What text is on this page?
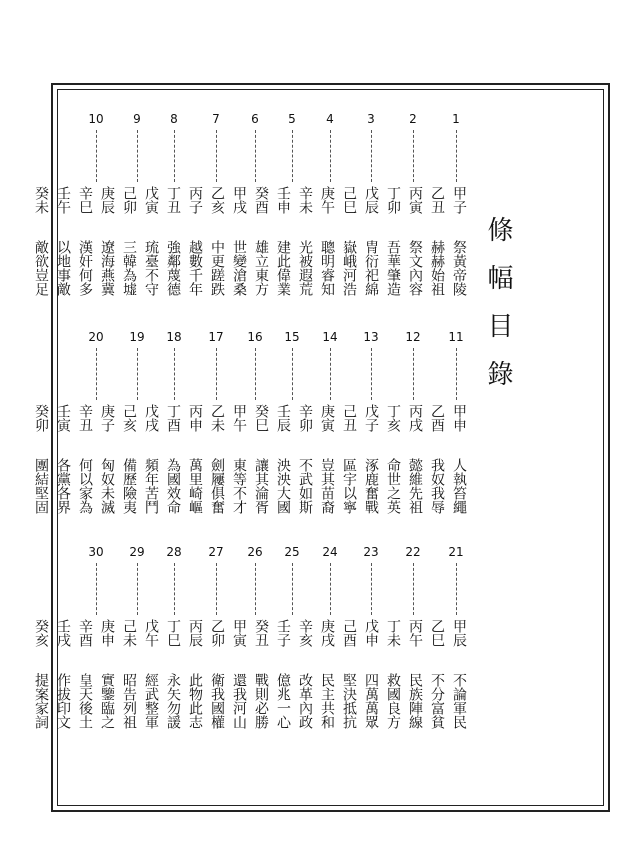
條幅目錄
1
2
3
4
5
6
7
8
9
10
甲子
祭黃帝陵
乙丑
赫赫始祖
丙寅
祭文內容
丁卯
吾華肇造
戊辰
冑衍祀綿
己巳
嶽峨河浩
庚午
聰明睿知
辛未
光被遐荒
壬申
建此偉業
癸酉
雄立東方
甲戌
世變滄桑
乙亥
中更蹉跌
丙子
越數千年
丁丑
強鄰蔑德
戊寅
琉臺不守
己卯
三韓為墟
庚辰
遼海燕冀
辛巳
漢奸何多
壬午
以地事敵
癸未
敵欲豈足
11
12
13
14
15
16
17
18
19
20
甲申
人執笞繩
乙酉
我奴我辱
丙戌
懿維先祖
丁亥
命世之英
戊子
涿鹿奮戰
己丑
區宇以寧
庚寅
豈其苗裔
辛卯
不武如斯
壬辰
泱泱大國
癸巳
讓其淪胥
甲午
東等不才
乙未
劍屨俱奮
丙申
萬里崎嶇
丁酉
為國效命
戊戌
頻年苦鬥
己亥
備歷險夷
庚子
匈奴未滅
辛丑
何以家為
壬寅
各黨各界
癸卯
團結堅固
21
22
23
24
25
26
27
28
29
30
甲辰
不論軍民
乙巳
不分富貧
丙午
民族陣線
丁未
救國良方
戊申
四萬萬眾
己酉
堅決抵抗
庚戌
民主共和
辛亥
改革內政
壬子
億兆一心
癸丑
戰則必勝
甲寅
還我河山
乙卯
衛我國權
丙辰
此物此志
丁巳
永矢勿諼
戊午
經武整軍
己未
昭告列祖
庚申
實鑒臨之
辛酉
皇天後土
壬戌
作拔印文
癸亥
提案家詞
